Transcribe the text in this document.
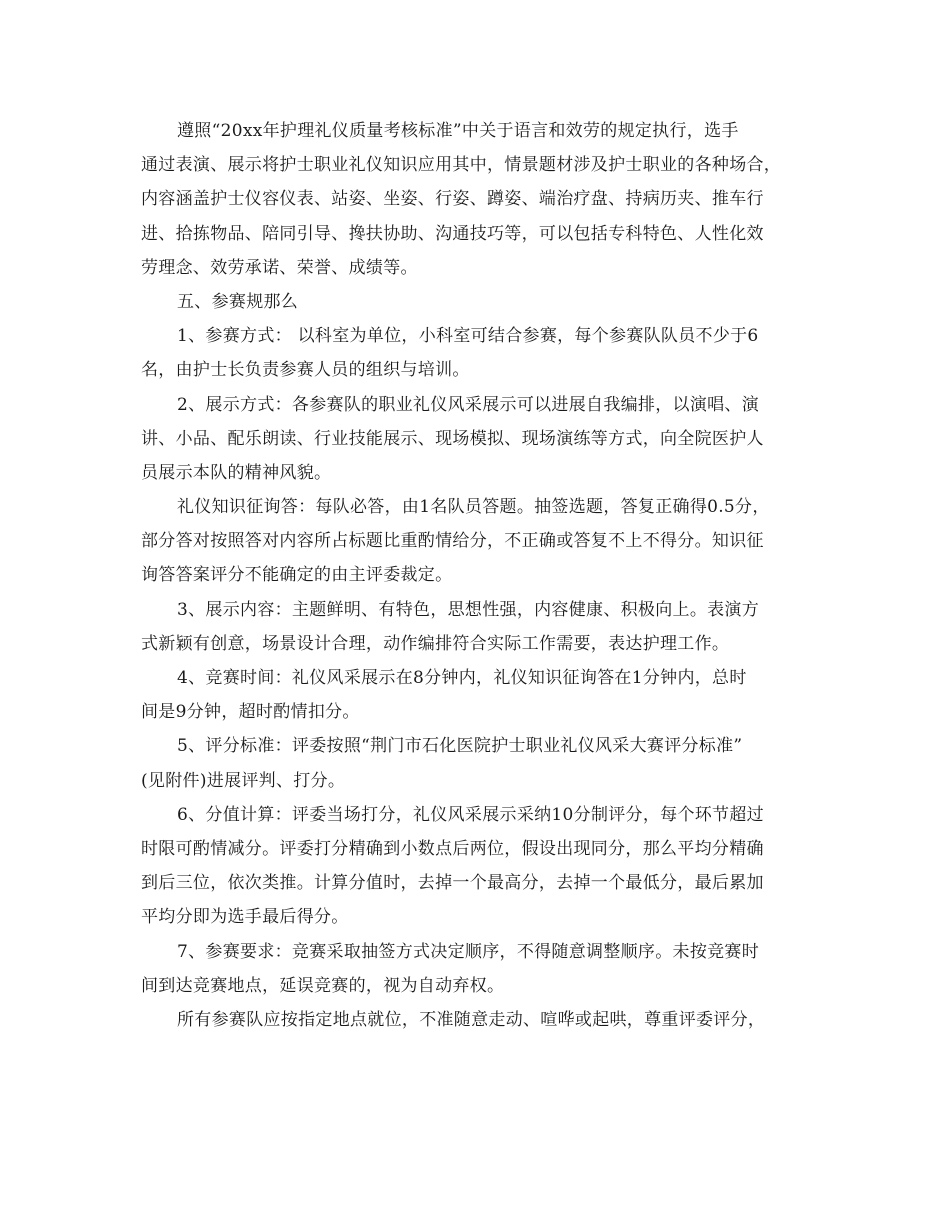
遵照“20xx年护理礼仪质量考核标准”中关于语言和效劳的规定执行，选手
通过表演、展示将护士职业礼仪知识应用其中，情景题材涉及护士职业的各种场合，
内容涵盖护士仪容仪表、站姿、坐姿、行姿、蹲姿、端治疗盘、持病历夹、推车行
进、拾拣物品、陪同引导、搀扶协助、沟通技巧等，可以包括专科特色、人性化效
劳理念、效劳承诺、荣誉、成绩等。
五、参赛规那么
1、参赛方式： 以科室为单位，小科室可结合参赛，每个参赛队队员不少于6
名，由护士长负责参赛人员的组织与培训。
2、展示方式：各参赛队的职业礼仪风采展示可以进展自我编排，以演唱、演
讲、小品、配乐朗读、行业技能展示、现场模拟、现场演练等方式，向全院医护人
员展示本队的精神风貌。
礼仪知识征询答：每队必答，由1名队员答题。抽签选题，答复正确得0.5分，
部分答对按照答对内容所占标题比重酌情给分，不正确或答复不上不得分。知识征
询答答案评分不能确定的由主评委裁定。
3、展示内容：主题鲜明、有特色，思想性强，内容健康、积极向上。表演方
式新颖有创意，场景设计合理，动作编排符合实际工作需要，表达护理工作。
4、竞赛时间：礼仪风采展示在8分钟内，礼仪知识征询答在1分钟内，总时
间是9分钟，超时酌情扣分。
5、评分标准：评委按照“荆门市石化医院护士职业礼仪风采大赛评分标准”
(见附件)进展评判、打分。
6、分值计算：评委当场打分，礼仪风采展示采纳10分制评分，每个环节超过
时限可酌情减分。评委打分精确到小数点后两位，假设出现同分，那么平均分精确
到后三位，依次类推。计算分值时，去掉一个最高分，去掉一个最低分，最后累加
平均分即为选手最后得分。
7、参赛要求：竞赛采取抽签方式决定顺序，不得随意调整顺序。未按竞赛时
间到达竞赛地点，延误竞赛的，视为自动弃权。
所有参赛队应按指定地点就位，不准随意走动、喧哗或起哄，尊重评委评分，
